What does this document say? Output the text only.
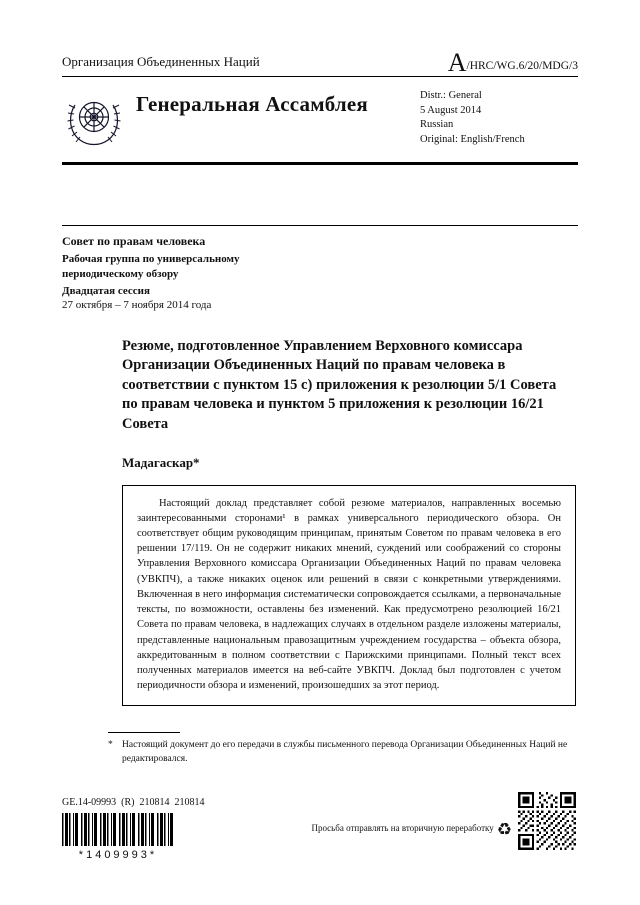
Организация Объединенных Наций	A /HRC/WG.6/20/MDG/3
Генеральная Ассамблея	Distr.: General
5 August 2014
Russian
Original: English/French
Совет по правам человека
Рабочая группа по универсальному
периодическому обзору
Двадцатая сессия
27 октября – 7 ноября 2014 года
Резюме, подготовленное Управлением Верховного комиссара Организации Объединенных Наций по правам человека в соответствии с пунктом 15 с) приложения к резолюции 5/1 Совета по правам человека и пунктом 5 приложения к резолюции 16/21 Совета
Мадагаскар*
Настоящий доклад представляет собой резюме материалов, направленных восемью заинтересованными сторонами¹ в рамках универсального периодического обзора. Он соответствует общим руководящим принципам, принятым Советом по правам человека в его решении 17/119. Он не содержит никаких мнений, суждений или соображений со стороны Управления Верховного комиссара Организации Объединенных Наций по правам человека (УВКПЧ), а также никаких оценок или решений в связи с конкретными утверждениями. Включенная в него информация систематически сопровождается ссылками, а первоначальные тексты, по возможности, оставлены без изменений. Как предусмотрено резолюцией 16/21 Совета по правам человека, в надлежащих случаях в отдельном разделе изложены материалы, представленные национальным правозащитным учреждением государства – объекта обзора, аккредитованным в полном соответствии с Парижскими принципами. Полный текст всех полученных материалов имеется на веб-сайте УВКПЧ. Доклад был подготовлен с учетом периодичности обзора и изменений, произошедших за этот период.
* Настоящий документ до его передачи в службы письменного перевода Организации Объединенных Наций не редактировался.
GE.14-09993  (R)  210814  210814
*1409993*
Просьба отправлять на вторичную переработку ♻
